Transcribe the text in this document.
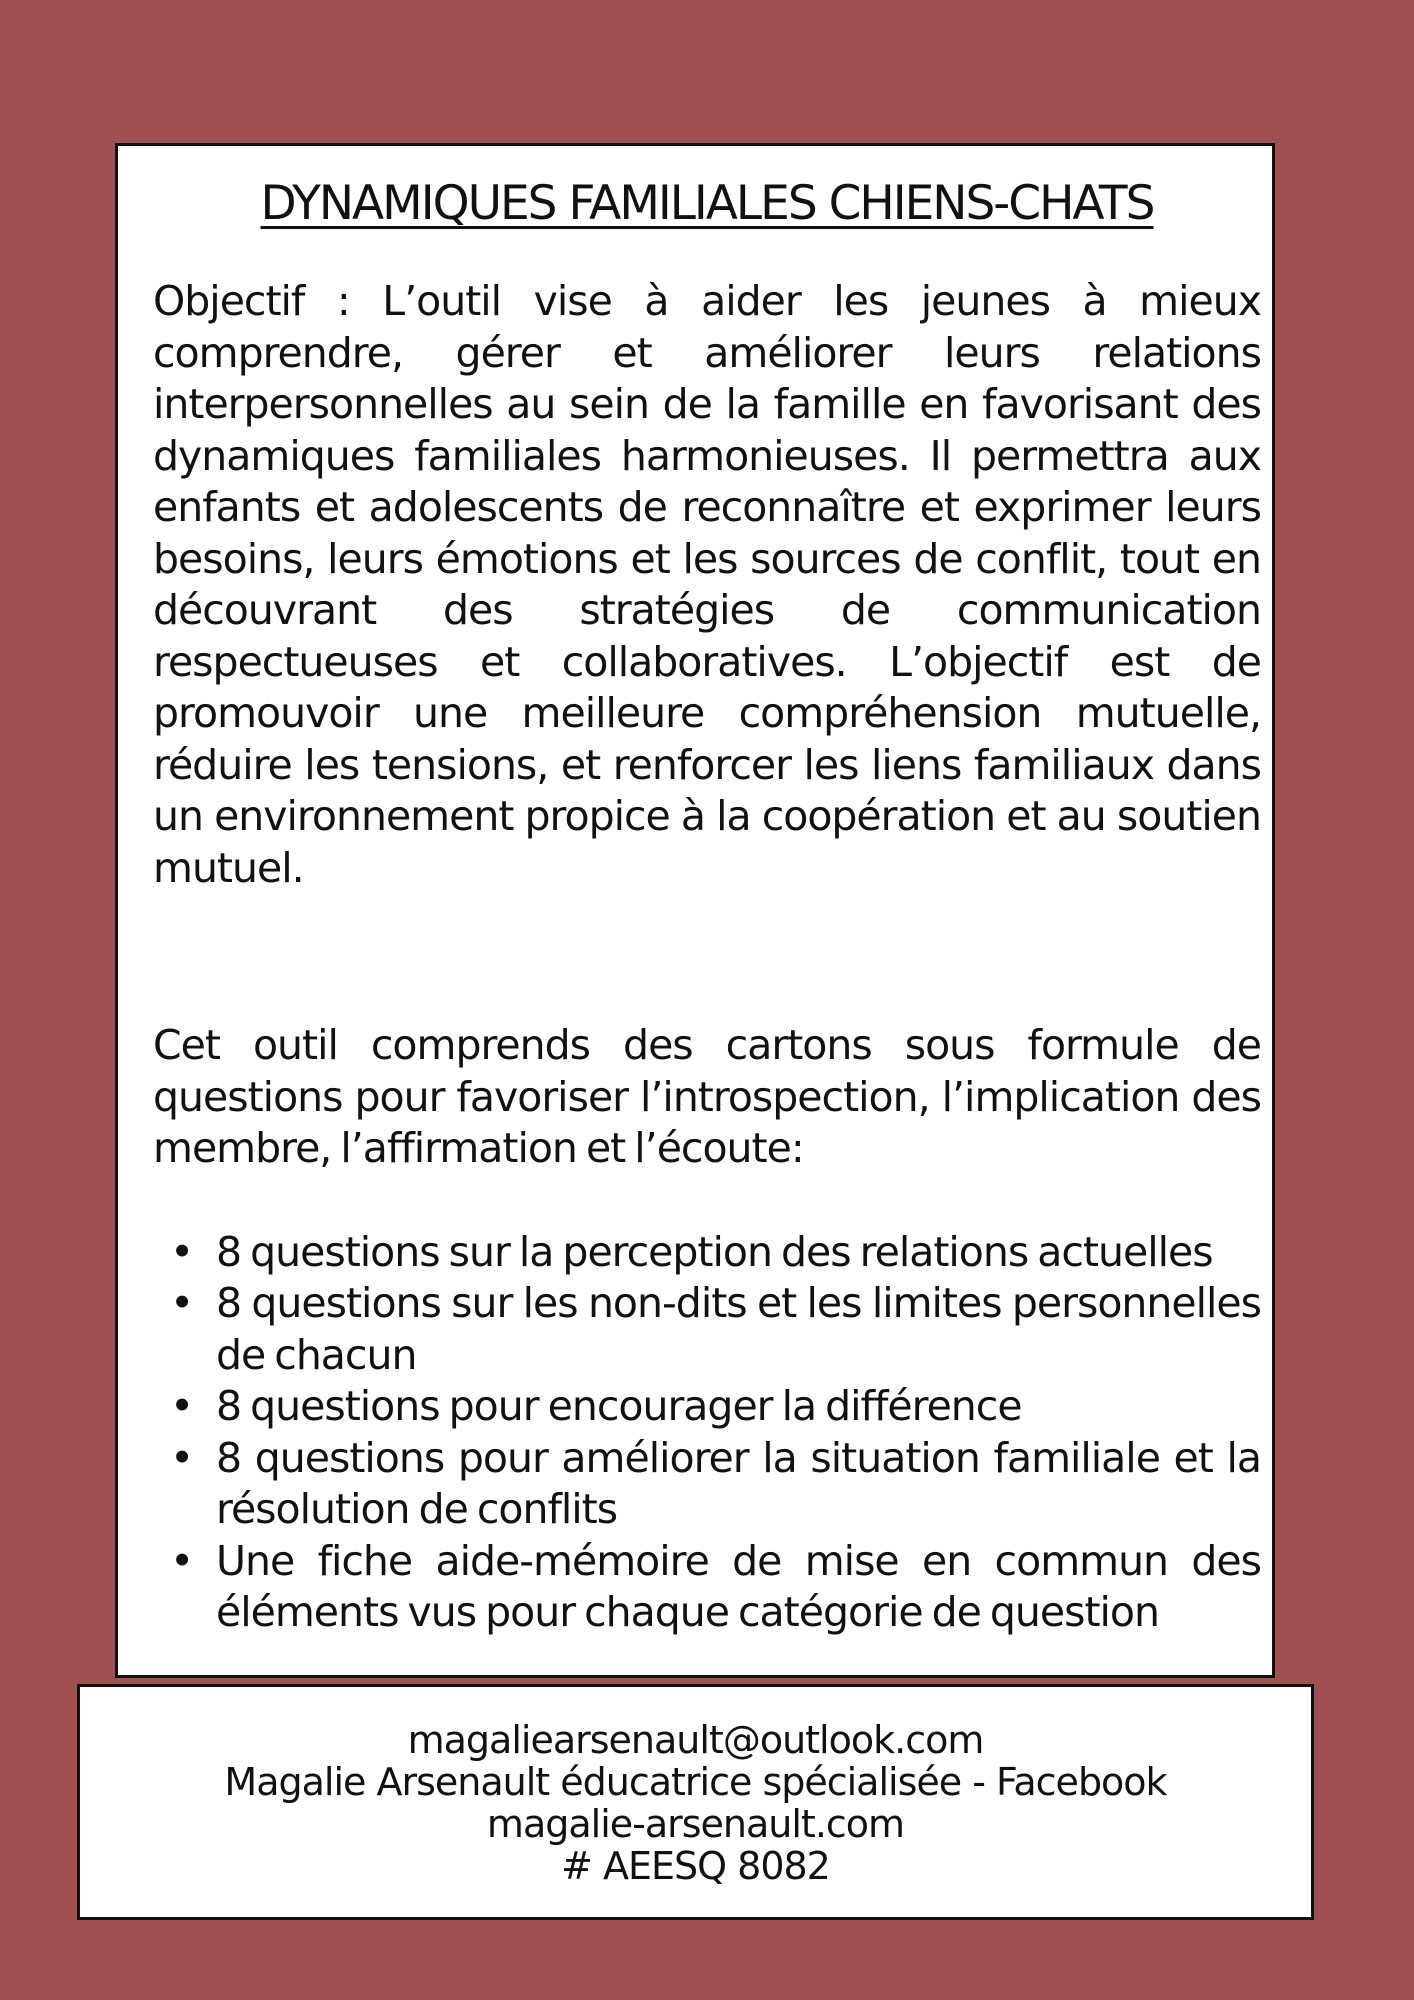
DYNAMIQUES FAMILIALES CHIENS-CHATS

Objectif : L’outil vise à aider les jeunes à mieux comprendre, gérer et améliorer leurs relations interpersonnelles au sein de la famille en favorisant des dynamiques familiales harmonieuses. Il permettra aux enfants et adolescents de reconnaître et exprimer leurs besoins, leurs émotions et les sources de conflit, tout en découvrant des stratégies de communication respectueuses et collaboratives. L’objectif est de promouvoir une meilleure compréhension mutuelle, réduire les tensions, et renforcer les liens familiaux dans un environnement propice à la coopération et au soutien mutuel.

Cet outil comprends des cartons sous formule de questions pour favoriser l’introspection, l’implication des membre, l’affirmation et l’écoute:

• 8 questions sur la perception des relations actuelles
• 8 questions sur les non-dits et les limites personnelles de chacun
• 8 questions pour encourager la différence
• 8 questions pour améliorer la situation familiale et la résolution de conflits
• Une fiche aide-mémoire de mise en commun des éléments vus pour chaque catégorie de question
magaliearsenault@outlook.com
Magalie Arsenault éducatrice spécialisée - Facebook
magalie-arsenault.com
# AEESQ 8082
